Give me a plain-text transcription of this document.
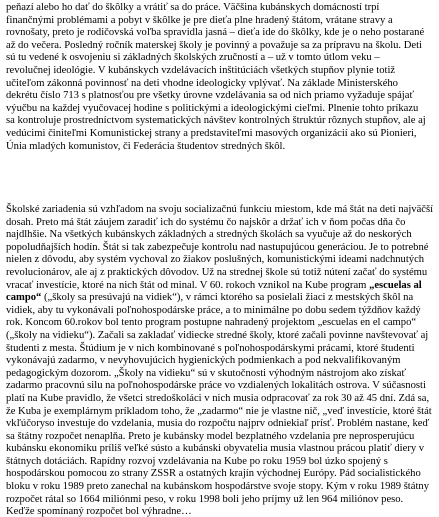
peňazí alebo ho dať do škôlky a vrátiť sa do práce. Väčšina kubánskych domácností trpí finančnými problémami a pobyt v škôlke je pre dieťa plne hradený štátom, vrátane stravy a rovnošaty, preto je rodičovská voľba spravidla jasná – dieťa ide do škôlky, kde je o neho postarané až do večera. Posledný ročník materskej školy je povinný a považuje sa za prípravu na školu. Deti sú tu vedené k osvojeniu si základných školských zručností a – už v tomto útlom veku – revolučnej ideológie. V kubánskych vzdelávacích inštitúciách všetkých stupňov plynie totiž učiteľom zákonná povinnosť na deti vhodne ideologicky vplývať. Na základe Ministerského dekrétu číslo 713 s platnosťou pre všetky úrovne vzdelávania sa od nich priamo vyžaduje spájať výučbu na každej vyučovacej hodine s politickými a ideologickými cieľmi. Plnenie tohto príkazu sa kontroluje prostredníctvom systematických návštev kontrolných štruktúr rôznych stupňov, ale aj vedúcimi činiteľmi Komunistickej strany a predstaviteľmi masových organizácií ako sú Pionieri, Únia mladých komunistov, či Federácia študentov stredných škôl.

Školské zariadenia sú vzhľadom na svoju socializačnú funkciu miestom, kde má štát na deti najväčší dosah. Preto má štát záujem zaradiť ich do systému čo najskôr a držať ich v ňom počas dňa čo najdlhšie. Na všetkých kubánskych základných a stredných školách sa vyučuje až do neskorých popoludňajších hodín. Štát si tak zabezpečuje kontrolu nad nastupujúcou generáciou. Je to potrebné nielen z dôvodu, aby systém vychoval zo žiakov poslušných, komunistickými ideami nadchnutých revolucionárov, ale aj z praktických dôvodov. Už na strednej škole sú totiž nútení začať do systému vracať investície, ktoré na nich štát od minal. V 60. rokoch vznikol na Kube program „escuelas al campo“ („školy sa presúvajú na vidiek“), v rámci ktorého sa posielali žiaci z mestských škôl na vidiek, aby tu vykonávali poľnohospodárske práce, a to minimálne po dobu sedem týždňov každý rok. Koncom 60.rokov bol tento program postupne nahradený projektom „escuelas en el campo“ („školy na vidieku“). Začali sa zakladať vidiecke stredné školy, ktoré začali povinne navštevovať aj študenti z mesta. Štúdium je v nich kombinované s poľnohospodárskymi prácami, ktoré študenti vykonávajú zadarmo, v nevyhovujúcich hygienických podmienkach a pod nekvalifikovaným pedagogickým dozorom. „Školy na vidieku“ sú v skutočnosti výhodným nástrojom ako získať zadarmo pracovnú silu na poľnohospodárske práce vo vzdialených lokalitách ostrova. V súčasnosti platí na Kube pravidlo, že všetci stredoškoláci v nich musia odpracovať za rok 30 až 45 dní. Zdá sa, že Kuba je exemplárnym príkladom toho, že „zadarmo“ nie je vlastne nič, „veď investície, ktoré štát vkľúčoryso investuje do vzdelania, musia do rozpočtu najprv odniekiaľ prísť. Problém nastane, keď sa štátny rozpočet nenaplňa. Preto je kubánsky model bezplatného vzdelania pre neprosperujúcu kubánsku ekonomiku príliš veľké sústo a kubánski obyvatelia musia vlastnou prácou platiť diery v štátnych dotáciách. Rapídny rozvoj vzdelávania na Kube po roku 1959 bol úzko spojený s hospodárskou pomocou zo strany ZSSR a ostatných krajín východnej Európy. Pád socialistického bloku v roku 1989 preto zanechal na kubánskom hospodárstve svoje stopy. Kým v roku 1989 štátny rozpočet rátal so 1664 miliónmi peso, v roku 1998 boli jeho príjmy už len 964 miliónov peso. Keďže spomínaný rozpočet bol výhradne…
